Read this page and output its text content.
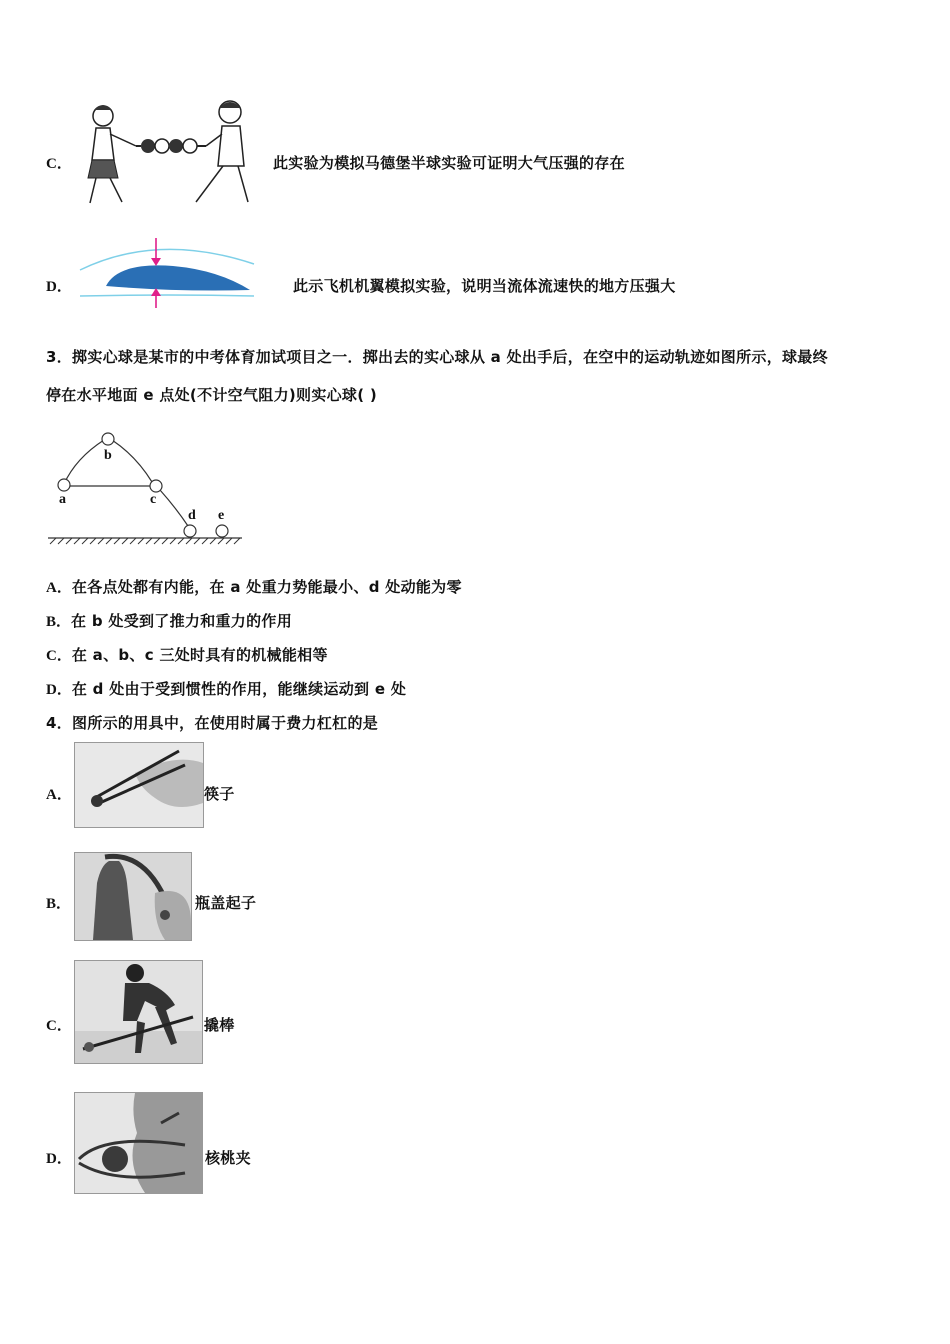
C．	此实验为模拟马德堡半球实验可证明大气压强的存在
D．	此示飞机机翼模拟实验，说明当流体流速快的地方压强大
3．掷实心球是某市的中考体育加试项目之一．掷出去的实心球从 a 处出手后，在空中的运动轨迹如图所示，球最终
停在水平地面 e 点处(不计空气阻力)则实心球( )
a
b
c
d e
A．在各点处都有内能，在 a 处重力势能最小、d 处动能为零
B．在 b 处受到了推力和重力的作用
C．在 a、b、c 三处时具有的机械能相等
D．在 d 处由于受到惯性的作用，能继续运动到 e 处
4．图所示的用具中，在使用时属于费力杠杠的是
A．	筷子
B．	瓶盖起子
C．	撬棒
D．	核桃夹
